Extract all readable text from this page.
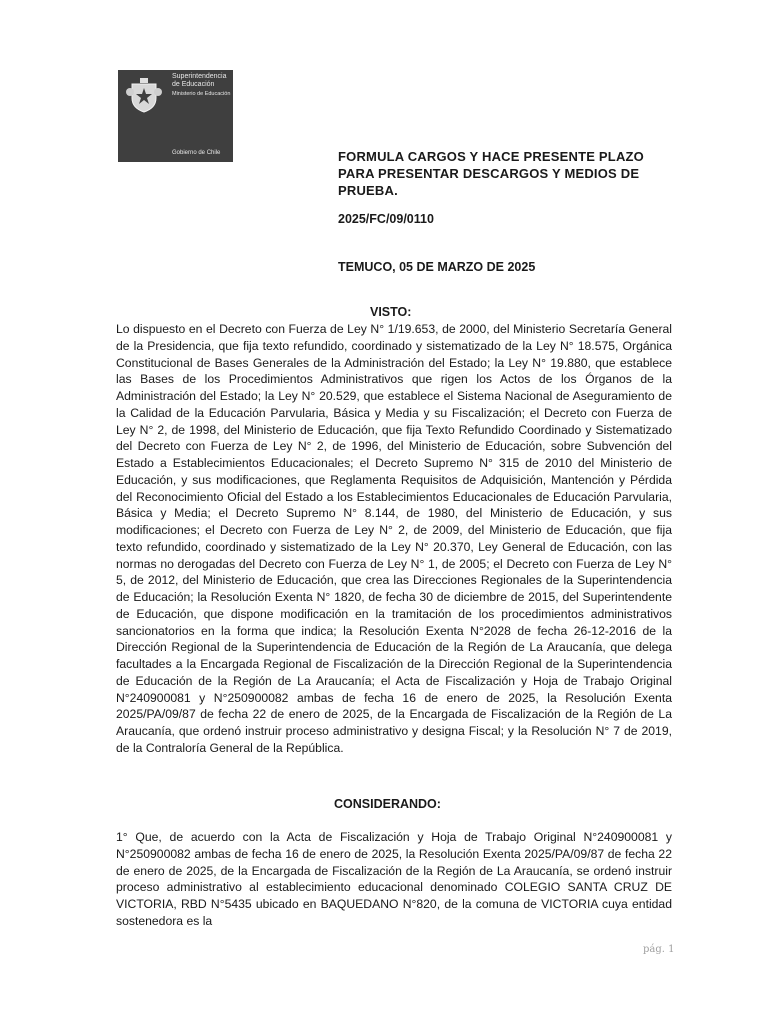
Superintendencia de Educación
Ministerio de Educación
Gobierno de Chile	FORMULA CARGOS Y HACE PRESENTE PLAZO PARA PRESENTAR DESCARGOS Y MEDIOS DE PRUEBA.
2025/FC/09/0110
TEMUCO, 05 DE MARZO DE 2025
VISTO:
Lo dispuesto en el Decreto con Fuerza de Ley N° 1/19.653, de 2000, del Ministerio Secretaría General de la Presidencia, que fija texto refundido, coordinado y sistematizado de la Ley N° 18.575, Orgánica Constitucional de Bases Generales de la Administración del Estado; la Ley N° 19.880, que establece las Bases de los Procedimientos Administrativos que rigen los Actos de los Órganos de la Administración del Estado; la Ley N° 20.529, que establece el Sistema Nacional de Aseguramiento de la Calidad de la Educación Parvularia, Básica y Media y su Fiscalización; el Decreto con Fuerza de Ley N° 2, de 1998, del Ministerio de Educación, que fija Texto Refundido Coordinado y Sistematizado del Decreto con Fuerza de Ley N° 2, de 1996, del Ministerio de Educación, sobre Subvención del Estado a Establecimientos Educacionales; el Decreto Supremo N° 315 de 2010 del Ministerio de Educación, y sus modificaciones, que Reglamenta Requisitos de Adquisición, Mantención y Pérdida del Reconocimiento Oficial del Estado a los Establecimientos Educacionales de Educación Parvularia, Básica y Media; el Decreto Supremo N° 8.144, de 1980, del Ministerio de Educación, y sus modificaciones; el Decreto con Fuerza de Ley N° 2, de 2009, del Ministerio de Educación, que fija texto refundido, coordinado y sistematizado de la Ley N° 20.370, Ley General de Educación, con las normas no derogadas del Decreto con Fuerza de Ley N° 1, de 2005; el Decreto con Fuerza de Ley N° 5, de 2012, del Ministerio de Educación, que crea las Direcciones Regionales de la Superintendencia de Educación; la Resolución Exenta N° 1820, de fecha 30 de diciembre de 2015, del Superintendente de Educación, que dispone modificación en la tramitación de los procedimientos administrativos sancionatorios en la forma que indica; la Resolución Exenta N°2028 de fecha 26-12-2016 de la Dirección Regional de la Superintendencia de Educación de la Región de La Araucanía, que delega facultades a la Encargada Regional de Fiscalización de la Dirección Regional de la Superintendencia de Educación de la Región de La Araucanía; el Acta de Fiscalización y Hoja de Trabajo Original N°240900081 y N°250900082 ambas de fecha 16 de enero de 2025, la Resolución Exenta 2025/PA/09/87 de fecha 22 de enero de 2025, de la Encargada de Fiscalización de la Región de La Araucanía, que ordenó instruir proceso administrativo y designa Fiscal; y la Resolución N° 7 de 2019, de la Contraloría General de la República.
CONSIDERANDO:
1° Que, de acuerdo con la Acta de Fiscalización y Hoja de Trabajo Original N°240900081 y N°250900082 ambas de fecha 16 de enero de 2025, la Resolución Exenta 2025/PA/09/87 de fecha 22 de enero de 2025, de la Encargada de Fiscalización de la Región de La Araucanía, se ordenó instruir proceso administrativo al establecimiento educacional denominado COLEGIO SANTA CRUZ DE VICTORIA, RBD N°5435 ubicado en BAQUEDANO N°820, de la comuna de VICTORIA cuya entidad sostenedora es la
pág. 1
